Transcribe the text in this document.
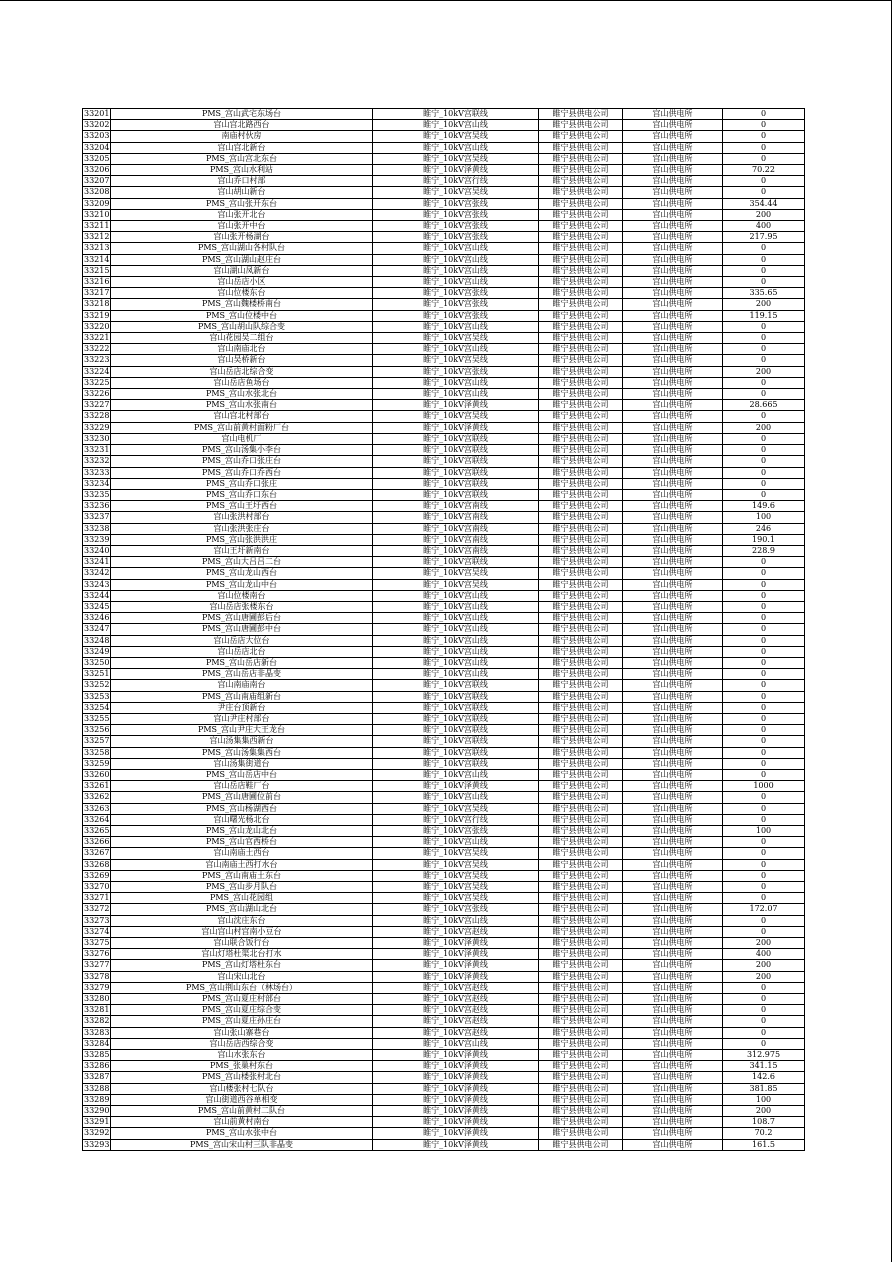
33201	PMS_宫山武宅东场台	睢宁_10kV宫联线	睢宁县供电公司	宫山供电所	0
33202	宫山宫北路西台	睢宁_10kV宫山线	睢宁县供电公司	宫山供电所	0
33203	南庙村伙房	睢宁_10kV宫吴线	睢宁县供电公司	宫山供电所	0
33204	宫山宫北新台	睢宁_10kV宫山线	睢宁县供电公司	宫山供电所	0
33205	PMS_宫山宫北东台	睢宁_10kV宫吴线	睢宁县供电公司	宫山供电所	0
33206	PMS_宫山水利站	睢宁_10kV泽黄线	睢宁县供电公司	宫山供电所	70.22
33207	宫山乔口村部	睢宁_10kV宫行线	睢宁县供电公司	宫山供电所	0
33208	宫山胡山新台	睢宁_10kV宫吴线	睢宁县供电公司	宫山供电所	0
33209	PMS_宫山张开东台	睢宁_10kV宫张线	睢宁县供电公司	宫山供电所	354.44
33210	宫山张开北台	睢宁_10kV宫张线	睢宁县供电公司	宫山供电所	200
33211	宫山张开中台	睢宁_10kV宫张线	睢宁县供电公司	宫山供电所	400
33212	宫山张开杨湖台	睢宁_10kV宫张线	睢宁县供电公司	宫山供电所	217.95
33213	PMS_宫山湖山各村队台	睢宁_10kV宫山线	睢宁县供电公司	宫山供电所	0
33214	PMS_宫山湖山赵庄台	睢宁_10kV宫山线	睢宁县供电公司	宫山供电所	0
33215	宫山湖山凤新台	睢宁_10kV宫山线	睢宁县供电公司	宫山供电所	0
33216	宫山岳店小区	睢宁_10kV宫山线	睢宁县供电公司	宫山供电所	0
33217	宫山位楼东台	睢宁_10kV宫张线	睢宁县供电公司	宫山供电所	335.65
33218	PMS_宫山魏楼桥南台	睢宁_10kV宫张线	睢宁县供电公司	宫山供电所	200
33219	PMS_宫山位楼中台	睢宁_10kV宫张线	睢宁县供电公司	宫山供电所	119.15
33220	PMS_宫山胡山队综合变	睢宁_10kV宫山线	睢宁县供电公司	宫山供电所	0
33221	宫山花园吴二组台	睢宁_10kV宫吴线	睢宁县供电公司	宫山供电所	0
33222	宫山南庙北台	睢宁_10kV宫山线	睢宁县供电公司	宫山供电所	0
33223	宫山吴桥新台	睢宁_10kV宫吴线	睢宁县供电公司	宫山供电所	0
33224	宫山岳店北综合变	睢宁_10kV宫张线	睢宁县供电公司	宫山供电所	200
33225	宫山岳店鱼场台	睢宁_10kV宫山线	睢宁县供电公司	宫山供电所	0
33226	PMS_宫山水张北台	睢宁_10kV宫山线	睢宁县供电公司	宫山供电所	0
33227	PMS_宫山水张南台	睢宁_10kV泽黄线	睢宁县供电公司	宫山供电所	28.665
33228	宫山宫北村部台	睢宁_10kV宫吴线	睢宁县供电公司	宫山供电所	0
33229	PMS_宫山前黄村面粉厂台	睢宁_10kV泽黄线	睢宁县供电公司	宫山供电所	200
33230	宫山电机厂	睢宁_10kV宫联线	睢宁县供电公司	宫山供电所	0
33231	PMS_宫山汤集小李台	睢宁_10kV宫联线	睢宁县供电公司	宫山供电所	0
33232	PMS_宫山乔口张庄台	睢宁_10kV宫联线	睢宁县供电公司	宫山供电所	0
33233	PMS_宫山乔口乔西台	睢宁_10kV宫联线	睢宁县供电公司	宫山供电所	0
33234	PMS_宫山乔口张庄	睢宁_10kV宫联线	睢宁县供电公司	宫山供电所	0
33235	PMS_宫山乔口东台	睢宁_10kV宫联线	睢宁县供电公司	宫山供电所	0
33236	PMS_宫山王圩西台	睢宁_10kV宫南线	睢宁县供电公司	宫山供电所	149.6
33237	宫山张洪村部台	睢宁_10kV宫南线	睢宁县供电公司	宫山供电所	100
33238	宫山张洪张庄台	睢宁_10kV宫南线	睢宁县供电公司	宫山供电所	246
33239	PMS_宫山张洪洪庄	睢宁_10kV宫南线	睢宁县供电公司	宫山供电所	190.1
33240	宫山王圩新南台	睢宁_10kV宫南线	睢宁县供电公司	宫山供电所	228.9
33241	PMS_宫山大吕吕二台	睢宁_10kV宫联线	睢宁县供电公司	宫山供电所	0
33242	PMS_宫山龙山西台	睢宁_10kV宫吴线	睢宁县供电公司	宫山供电所	0
33243	PMS_宫山龙山中台	睢宁_10kV宫吴线	睢宁县供电公司	宫山供电所	0
33244	宫山位楼南台	睢宁_10kV宫山线	睢宁县供电公司	宫山供电所	0
33245	宫山岳店张楼东台	睢宁_10kV宫山线	睢宁县供电公司	宫山供电所	0
33246	PMS_宫山唐圃彭后台	睢宁_10kV宫山线	睢宁县供电公司	宫山供电所	0
33247	PMS_宫山唐圃彭中台	睢宁_10kV宫山线	睢宁县供电公司	宫山供电所	0
33248	宫山岳店大位台	睢宁_10kV宫山线	睢宁县供电公司	宫山供电所	0
33249	宫山岳店北台	睢宁_10kV宫山线	睢宁县供电公司	宫山供电所	0
33250	PMS_宫山岳店新台	睢宁_10kV宫山线	睢宁县供电公司	宫山供电所	0
33251	PMS_宫山岳店非晶变	睢宁_10kV宫山线	睢宁县供电公司	宫山供电所	0
33252	宫山南庙南台	睢宁_10kV宫联线	睢宁县供电公司	宫山供电所	0
33253	PMS_宫山南庙组新台	睢宁_10kV宫联线	睢宁县供电公司	宫山供电所	0
33254	尹庄台顶新台	睢宁_10kV宫联线	睢宁县供电公司	宫山供电所	0
33255	宫山尹庄村部台	睢宁_10kV宫联线	睢宁县供电公司	宫山供电所	0
33256	PMS_宫山尹庄大王龙台	睢宁_10kV宫联线	睢宁县供电公司	宫山供电所	0
33257	宫山汤集集西新台	睢宁_10kV宫联线	睢宁县供电公司	宫山供电所	0
33258	PMS_宫山汤集集西台	睢宁_10kV宫联线	睢宁县供电公司	宫山供电所	0
33259	宫山汤集街道台	睢宁_10kV宫联线	睢宁县供电公司	宫山供电所	0
33260	PMS_宫山岳店中台	睢宁_10kV宫山线	睢宁县供电公司	宫山供电所	0
33261	宫山岳店鞋厂台	睢宁_10kV泽黄线	睢宁县供电公司	宫山供电所	1000
33262	PMS_宫山唐圃位前台	睢宁_10kV宫山线	睢宁县供电公司	宫山供电所	0
33263	PMS_宫山杨湖西台	睢宁_10kV宫吴线	睢宁县供电公司	宫山供电所	0
33264	宫山曙光杨北台	睢宁_10kV宫行线	睢宁县供电公司	宫山供电所	0
33265	PMS_宫山龙山北台	睢宁_10kV宫张线	睢宁县供电公司	宫山供电所	100
33266	PMS_宫山官西桥台	睢宁_10kV宫山线	睢宁县供电公司	宫山供电所	0
33267	宫山南庙土西台	睢宁_10kV宫吴线	睢宁县供电公司	宫山供电所	0
33268	宫山南庙土西打水台	睢宁_10kV宫吴线	睢宁县供电公司	宫山供电所	0
33269	PMS_宫山南庙土东台	睢宁_10kV宫吴线	睢宁县供电公司	宫山供电所	0
33270	PMS_宫山步月队台	睢宁_10kV宫吴线	睢宁县供电公司	宫山供电所	0
33271	PMS_宫山花园组	睢宁_10kV宫吴线	睢宁县供电公司	宫山供电所	0
33272	PMS_宫山湖山北台	睢宁_10kV宫张线	睢宁县供电公司	宫山供电所	172.07
33273	宫山沈庄东台	睢宁_10kV宫山线	睢宁县供电公司	宫山供电所	0
33274	宫山宫山村宫南小豆台	睢宁_10kV宫赵线	睢宁县供电公司	宫山供电所	0
33275	宫山联合饭行台	睢宁_10kV泽黄线	睢宁县供电公司	宫山供电所	200
33276	宫山灯塔杜渠北台打水	睢宁_10kV泽黄线	睢宁县供电公司	宫山供电所	400
33277	PMS_宫山灯塔杜东台	睢宁_10kV泽黄线	睢宁县供电公司	宫山供电所	200
33278	宫山宋山北台	睢宁_10kV泽黄线	睢宁县供电公司	宫山供电所	200
33279	PMS_宫山荆山东台（林场台）	睢宁_10kV宫赵线	睢宁县供电公司	宫山供电所	0
33280	PMS_宫山夏庄村部台	睢宁_10kV宫赵线	睢宁县供电公司	宫山供电所	0
33281	PMS_宫山夏庄综合变	睢宁_10kV宫赵线	睢宁县供电公司	宫山供电所	0
33282	PMS_宫山夏庄孙庄台	睢宁_10kV宫赵线	睢宁县供电公司	宫山供电所	0
33283	宫山张山寨巷台	睢宁_10kV宫赵线	睢宁县供电公司	宫山供电所	0
33284	宫山岳店西综合变	睢宁_10kV宫山线	睢宁县供电公司	宫山供电所	0
33285	宫山水张东台	睢宁_10kV泽黄线	睢宁县供电公司	宫山供电所	312.975
33286	PMS_张巢村东台	睢宁_10kV泽黄线	睢宁县供电公司	宫山供电所	341.15
33287	PMS_宫山楼张村北台	睢宁_10kV泽黄线	睢宁县供电公司	宫山供电所	142.6
33288	宫山楼张村七队台	睢宁_10kV泽黄线	睢宁县供电公司	宫山供电所	381.85
33289	宫山街道西谷单相变	睢宁_10kV泽黄线	睢宁县供电公司	宫山供电所	100
33290	PMS_宫山前黄村二队台	睢宁_10kV泽黄线	睢宁县供电公司	宫山供电所	200
33291	宫山前黄村南台	睢宁_10kV泽黄线	睢宁县供电公司	宫山供电所	108.7
33292	PMS_宫山水张中台	睢宁_10kV泽黄线	睢宁县供电公司	宫山供电所	70.2
33293	PMS_宫山宋山村三队非晶变	睢宁_10kV泽黄线	睢宁县供电公司	宫山供电所	161.5
